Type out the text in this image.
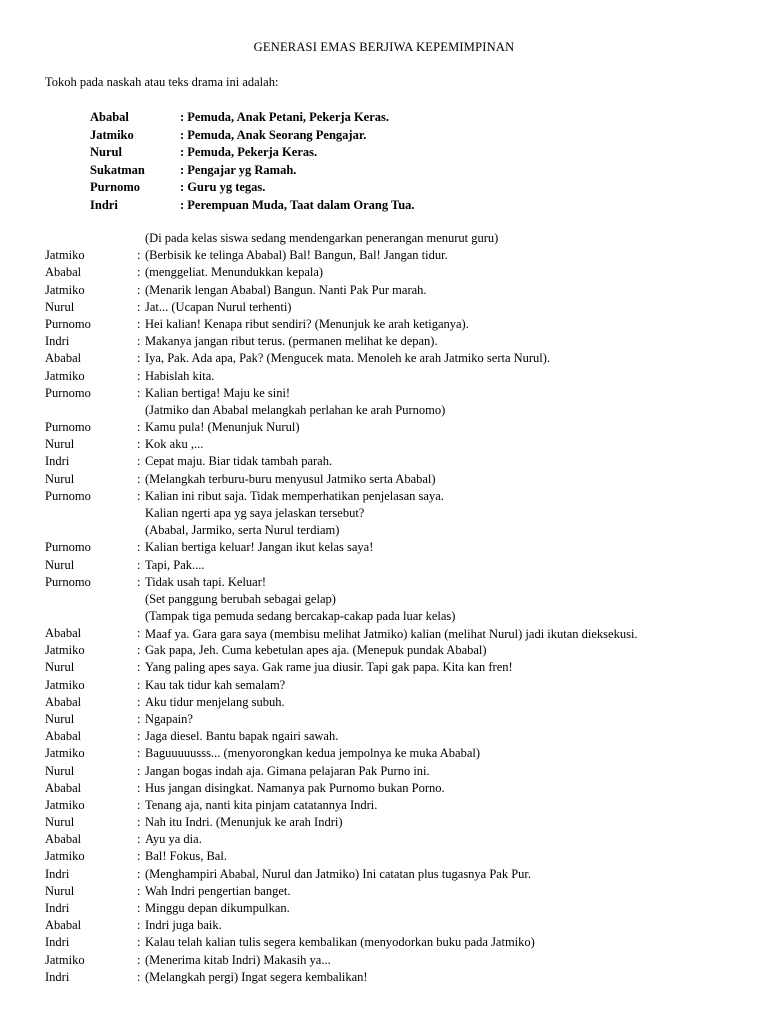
GENERASI EMAS BERJIWA KEPEMIMPINAN
Tokoh pada naskah atau teks drama ini adalah:
Ababal	: Pemuda, Anak Petani, Pekerja Keras.
Jatmiko	: Pemuda, Anak Seorang Pengajar.
Nurul	: Pemuda, Pekerja Keras.
Sukatman	: Pengajar yg Ramah.
Purnomo	: Guru yg tegas.
Indri	: Perempuan Muda, Taat dalam Orang Tua.
(Di pada kelas siswa sedang mendengarkan penerangan menurut guru)
Jatmiko	: (Berbisik ke telinga Ababal) Bal! Bangun, Bal! Jangan tidur.
Ababal	: (menggeliat. Menundukkan kepala)
Jatmiko	: (Menarik lengan Ababal) Bangun. Nanti Pak Pur marah.
Nurul	: Jat... (Ucapan Nurul terhenti)
Purnomo	: Hei kalian! Kenapa ribut sendiri? (Menunjuk ke arah ketiganya).
Indri	: Makanya jangan ribut terus. (permanen melihat ke depan).
Ababal	: Iya, Pak. Ada apa, Pak? (Mengucek mata. Menoleh ke arah Jatmiko serta Nurul).
Jatmiko	: Habislah kita.
Purnomo	: Kalian bertiga! Maju ke sini!
(Jatmiko dan Ababal melangkah perlahan ke arah Purnomo)
Purnomo	: Kamu pula! (Menunjuk Nurul)
Nurul	: Kok aku ,...
Indri	: Cepat maju. Biar tidak tambah parah.
Nurul	: (Melangkah terburu-buru menyusul Jatmiko serta Ababal)
Purnomo	: Kalian ini ribut saja. Tidak memperhatikan penjelasan saya.
Kalian ngerti apa yg saya jelaskan tersebut?
(Ababal, Jarmiko, serta Nurul terdiam)
Purnomo	: Kalian bertiga keluar! Jangan ikut kelas saya!
Nurul	: Tapi, Pak....
Purnomo	: Tidak usah tapi. Keluar!
(Set panggung berubah sebagai gelap)
(Tampak tiga pemuda sedang bercakap-cakap pada luar kelas)
Ababal	: Maaf ya. Gara gara saya (membisu melihat Jatmiko) kalian (melihat Nurul) jadi ikutan dieksekusi.
Jatmiko	: Gak papa, Jeh. Cuma kebetulan apes aja. (Menepuk pundak Ababal)
Nurul	: Yang paling apes saya. Gak rame jua diusir. Tapi gak papa. Kita kan fren!
Jatmiko	: Kau tak tidur kah semalam?
Ababal	: Aku tidur menjelang subuh.
Nurul	: Ngapain?
Ababal	: Jaga diesel. Bantu bapak ngairi sawah.
Jatmiko	: Baguuuuusss... (menyorongkan kedua jempolnya ke muka Ababal)
Nurul	: Jangan bogas indah aja. Gimana pelajaran Pak Purno ini.
Ababal	: Hus jangan disingkat. Namanya pak Purnomo bukan Porno.
Jatmiko	: Tenang aja, nanti kita pinjam catatannya Indri.
Nurul	: Nah itu Indri. (Menunjuk ke arah Indri)
Ababal	: Ayu ya dia.
Jatmiko	: Bal! Fokus, Bal.
Indri	: (Menghampiri Ababal, Nurul dan Jatmiko) Ini catatan plus tugasnya Pak Pur.
Nurul	: Wah Indri pengertian banget.
Indri	: Minggu depan dikumpulkan.
Ababal	: Indri juga baik.
Indri	: Kalau telah kalian tulis segera kembalikan (menyodorkan buku pada Jatmiko)
Jatmiko	: (Menerima kitab Indri) Makasih ya...
Indri	: (Melangkah pergi) Ingat segera kembalikan!
